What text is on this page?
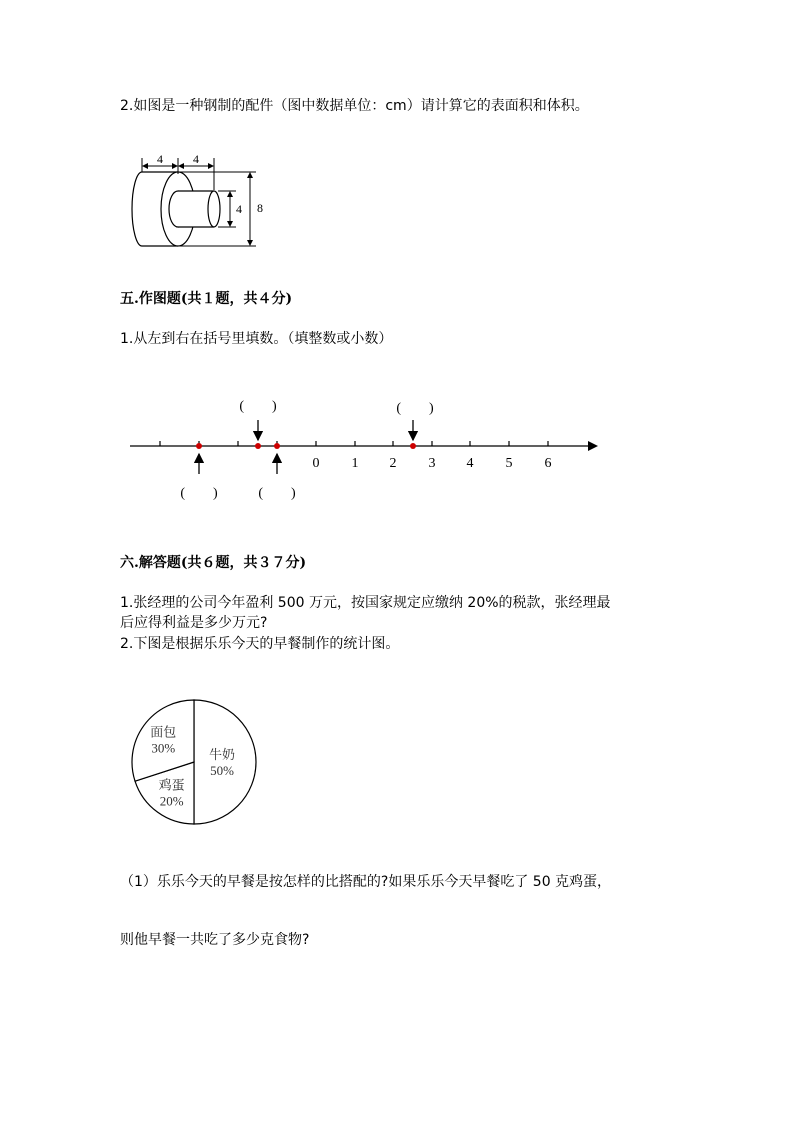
2.如图是一种钢制的配件（图中数据单位：cm）请计算它的表面积和体积。

4	4
4 8

五.作图题(共１题，共４分)

1.从左到右在括号里填数。（填整数或小数）

0 1 2 3 4 5 6
(        )	(        )
(        )	(        )

六.解答题(共６题，共３７分)

1.张经理的公司今年盈利 500 万元，按国家规定应缴纳 20%的税款，张经理最

后应得利益是多少万元?

2.下图是根据乐乐今天的早餐制作的统计图。

牛奶
50%
鸡蛋
20%
面包
30%

（1）乐乐今天的早餐是按怎样的比搭配的?如果乐乐今天早餐吃了 50 克鸡蛋，

则他早餐一共吃了多少克食物?
